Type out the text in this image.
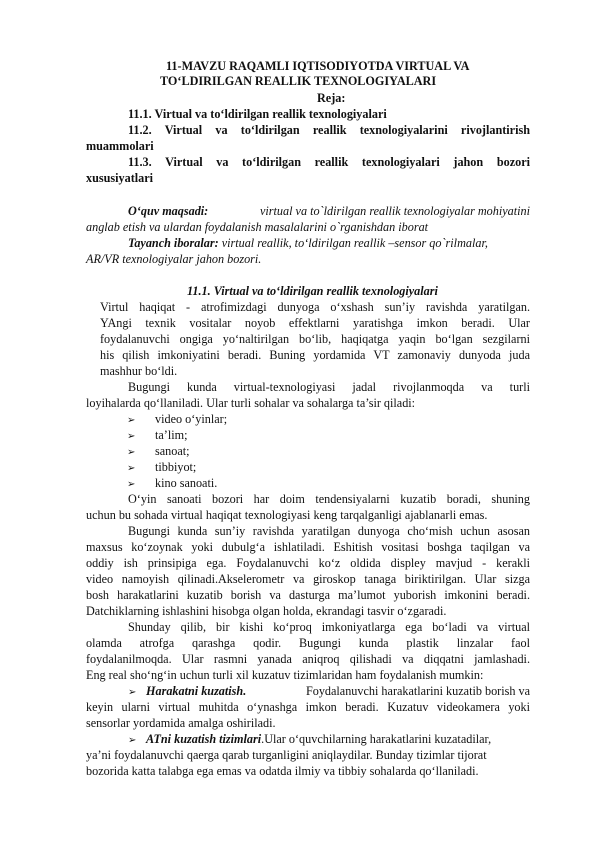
11-MAVZU RAQAMLI IQTISODIYOTDA VIRTUAL VA
TO‘LDIRILGAN REALLIK TEXNOLOGIYALARI
Reja:
11.1. Virtual va to‘ldirilgan reallik texnologiyalari
11.2. Virtual va to‘ldirilgan reallik texnologiyalarini rivojlantirish
muammolari
11.3. Virtual va to‘ldirilgan reallik texnologiyalari jahon bozori
xususiyatlari
O‘quv maqsadi:	virtual va to`ldirilgan reallik texnologiyalar mohiyatini
anglab etish va ulardan foydalanish masalalarini o`rganishdan iborat
Tayanch iboralar: virtual reallik, to‘ldirilgan reallik –sensor qo`rilmalar,
AR/VR texnologiyalar jahon bozori.
11.1. Virtual va to‘ldirilgan reallik texnologiyalari
Virtul haqiqat - atrofimizdagi dunyoga o‘xshash sun’iy ravishda yaratilgan.
YAngi texnik vositalar noyob effektlarni yaratishga imkon beradi. Ular
foydalanuvchi ongiga yo‘naltirilgan bo‘lib, haqiqatga yaqin bo‘lgan sezgilarni
his qilish imkoniyatini beradi. Buning yordamida VT zamonaviy dunyoda juda
mashhur bo‘ldi.
Bugungi kunda virtual-texnologiyasi jadal rivojlanmoqda va turli
loyihalarda qo‘llaniladi. Ular turli sohalar va sohalarga ta’sir qiladi:
➢ video o‘yinlar;
➢ ta’lim;
➢ sanoat;
➢ tibbiyot;
➢ kino sanoati.
O‘yin sanoati bozori har doim tendensiyalarni kuzatib boradi, shuning
uchun bu sohada virtual haqiqat texnologiyasi keng tarqalganligi ajablanarli emas.
Bugungi kunda sun’iy ravishda yaratilgan dunyoga cho‘mish uchun asosan
maxsus ko‘zoynak yoki dubulg‘a ishlatiladi. Eshitish vositasi boshga taqilgan va
oddiy ish prinsipiga ega. Foydalanuvchi ko‘z oldida displey mavjud - kerakli
video namoyish qilinadi.Akselerometr va giroskop tanaga biriktirilgan. Ular sizga
bosh harakatlarini kuzatib borish va dasturga ma’lumot yuborish imkonini beradi.
Datchiklarning ishlashini hisobga olgan holda, ekrandagi tasvir o‘zgaradi.
Shunday qilib, bir kishi ko‘proq imkoniyatlarga ega bo‘ladi va virtual
olamda atrofga qarashga qodir. Bugungi kunda plastik linzalar faol
foydalanilmoqda. Ular rasmni yanada aniqroq qilishadi va diqqatni jamlashadi.
Eng real sho‘ng‘in uchun turli xil kuzatuv tizimlaridan ham foydalanish mumkin:
➢ Harakatni kuzatish.	Foydalanuvchi harakatlarini kuzatib borish va
keyin ularni virtual muhitda o‘ynashga imkon beradi. Kuzatuv videokamera yoki
sensorlar yordamida amalga oshiriladi.
➢ ATni kuzatish tizimlari.Ular o‘quvchilarning harakatlarini kuzatadilar,
ya’ni foydalanuvchi qaerga qarab turganligini aniqlaydilar. Bunday tizimlar tijorat
bozorida katta talabga ega emas va odatda ilmiy va tibbiy sohalarda qo‘llaniladi.
